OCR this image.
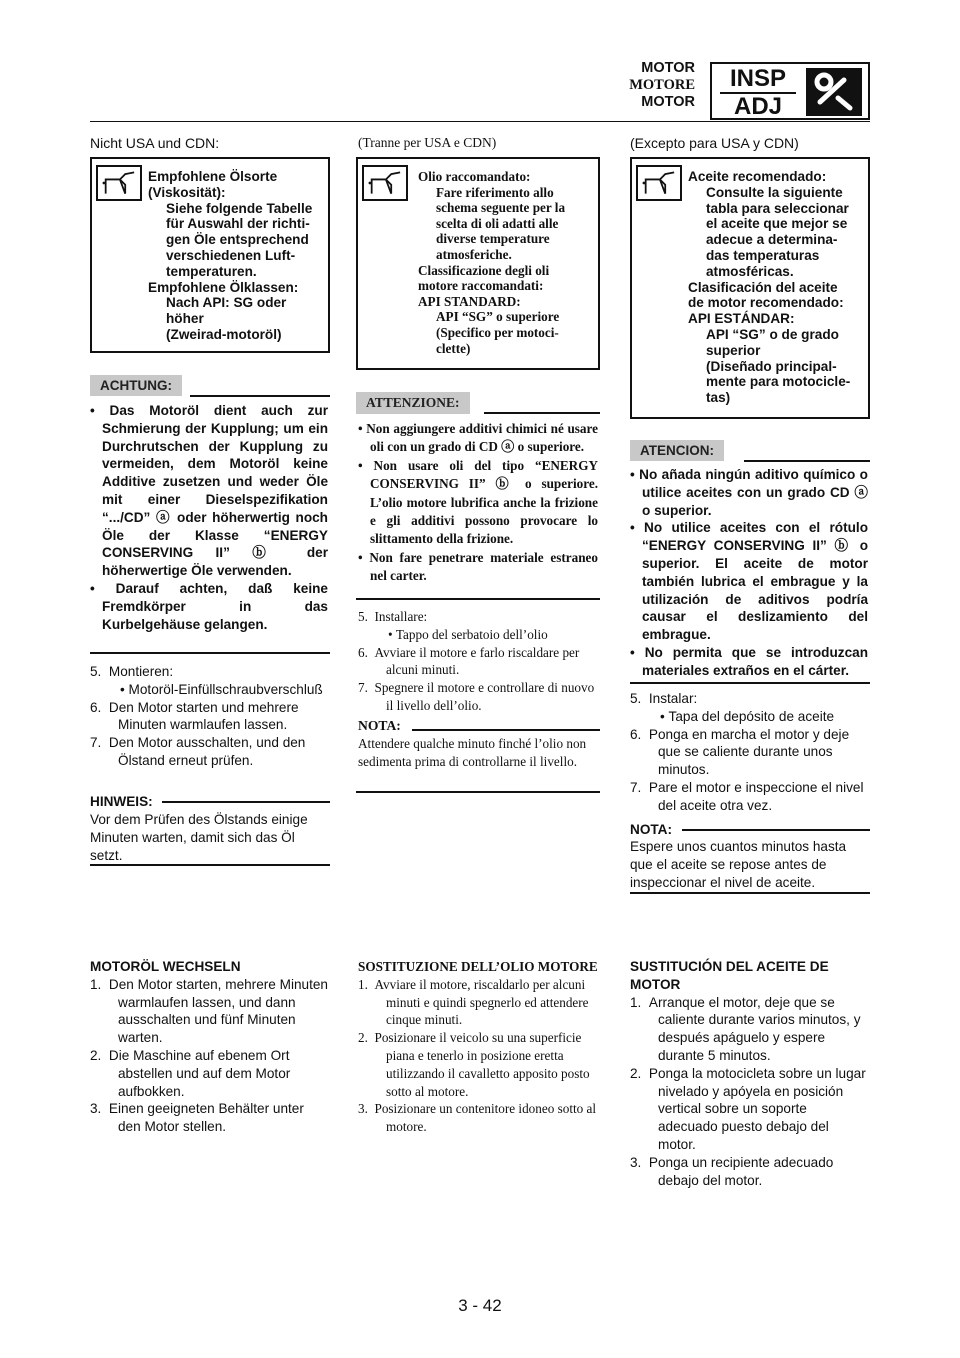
MOTOR
MOTORE
MOTOR
INSP
ADJ
Nicht USA und CDN:

Empfohlene Ölsorte

(Viskosität):

Siehe folgende Tabelle

für Auswahl der richti-

gen Öle entsprechend

verschiedenen Luft-

temperaturen.

Empfohlene Ölklassen:

Nach API: SG oder

höher

(Zweirad-motoröl)

ACHTUNG:

• Das Motoröl dient auch zur Schmierung der Kupplung; um ein Durchrutschen der Kupplung zu vermeiden, dem Motoröl keine Additive zusetzen und weder Öle mit einer Dieselspezifikation “.../CD” ⓐ oder höherwertig noch Öle der Klasse “ENERGY CONSERVING II” ⓑ der höherwertige Öle verwenden.

• Darauf achten, daß keine Fremdkörper in das Kurbelgehäuse gelangen.

5.  Montieren:

• Motoröl-Einfüllschraubverschluß

6.  Den Motor starten und mehrere Minuten warmlaufen lassen.

7.  Den Motor ausschalten, und den Ölstand erneut prüfen.

HINWEIS:
Vor dem Prüfen des Ölstands einige Minuten warten, damit sich das Öl setzt.

MOTORÖL WECHSELN

1.  Den Motor starten, mehrere Minuten warmlaufen lassen, und dann ausschalten und fünf Minuten warten.

2.  Die Maschine auf ebenem Ort abstellen und auf dem Motor aufbokken.

3.  Einen geeigneten Behälter unter den Motor stellen.

(Tranne per USA e CDN)

Olio raccomandato:

Fare riferimento allo

schema seguente per la

scelta di oli adatti alle

diverse temperature

atmosferiche.

Classificazione degli oli

motore raccomandati:

API STANDARD:

API “SG” o superiore

(Specifico per motoci-

clette)

ATTENZIONE:

• Non aggiungere additivi chimici né usare oli con un grado di CD ⓐ o superiore.

• Non usare oli del tipo “ENERGY CONSERVING II” ⓑ o superiore. L’olio motore lubrifica anche la frizione e gli additivi possono provocare lo slittamento della frizione.

• Non fare penetrare materiale estraneo nel carter.

5.  Installare:

• Tappo del serbatoio dell’olio

6.  Avviare il motore e farlo riscaldare per alcuni minuti.

7.  Spegnere il motore e controllare di nuovo il livello dell’olio.

NOTA:
Attendere qualche minuto finché l’olio non sedimenta prima di controllarne il livello.

SOSTITUZIONE DELL’OLIO MOTORE

1.  Avviare il motore, riscaldarlo per alcuni minuti e quindi spegnerlo ed attendere cinque minuti.

2.  Posizionare il veicolo su una superficie piana e tenerlo in posizione eretta utilizzando il cavalletto apposito posto sotto al motore.

3.  Posizionare un contenitore idoneo sotto al motore.

(Excepto para USA y CDN)

Aceite recomendado:

Consulte la siguiente

tabla para seleccionar

el aceite que mejor se

adecue a determina-

das temperaturas

atmosféricas.

Clasificación del aceite

de motor recomendado:

API ESTÁNDAR:

API “SG” o de grado

superior

(Diseñado principal-

mente para motocicle-

tas)

ATENCION:

• No añada ningún aditivo químico o utilice aceites con un grado CD ⓐ o superior.

• No utilice aceites con el rótulo “ENERGY CONSERVING II” ⓑ o superior. El aceite de motor también lubrica el embrague y la utilización de aditivos podría causar el deslizamiento del embrague.

• No permita que se introduzcan materiales extraños en el cárter.

5.  Instalar:

• Tapa del depósito de aceite

6.  Ponga en marcha el motor y deje que se caliente durante unos minutos.

7.  Pare el motor e inspeccione el nivel del aceite otra vez.

NOTA:
Espere unos cuantos minutos hasta que el aceite se repose antes de inspeccionar el nivel de aceite.

SUSTITUCIÓN DEL ACEITE DE MOTOR

1.  Arranque el motor, deje que se caliente durante varios minutos, y después apáguelo y espere durante 5 minutos.

2.  Ponga la motocicleta sobre un lugar nivelado y apóyela en posición vertical sobre un soporte adecuado puesto debajo del motor.

3.  Ponga un recipiente adecuado debajo del motor.

3 - 42
